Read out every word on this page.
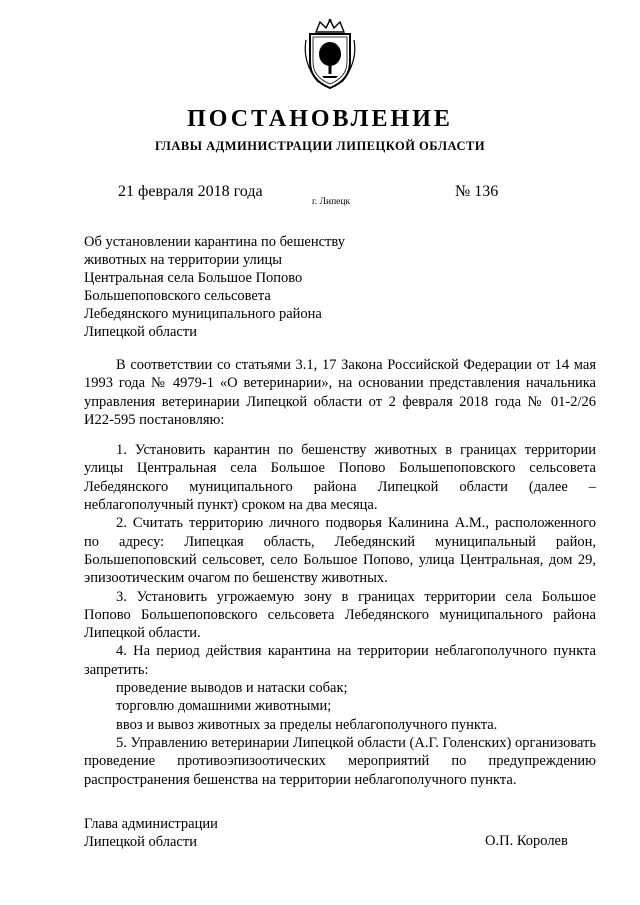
ПОСТАНОВЛЕНИЕ
ГЛАВЫ АДМИНИСТРАЦИИ ЛИПЕЦКОЙ ОБЛАСТИ
21 февраля 2018 года
г. Липецк
№ 136
Об установлении карантина по бешенству
животных на территории улицы
Центральная села Большое Попово
Большепоповского сельсовета
Лебедянского муниципального района
Липецкой области

В соответствии со статьями 3.1, 17 Закона Российской Федерации от 14 мая 1993 года № 4979-1 «О ветеринарии», на основании представления начальника управления ветеринарии Липецкой области от 2 февраля 2018 года № 01-2/26 И22-595 постановляю:

1. Установить карантин по бешенству животных в границах территории улицы Центральная села Большое Попово Большепоповского сельсовета Лебедянского муниципального района Липецкой области (далее – неблагополучный пункт) сроком на два месяца.

2. Считать территорию личного подворья Калинина А.М., расположенного по адресу: Липецкая область, Лебедянский муниципальный район, Большепоповский сельсовет, село Большое Попово, улица Центральная, дом 29, эпизоотическим очагом по бешенству животных.

3. Установить угрожаемую зону в границах территории села Большое Попово Большепоповского сельсовета Лебедянского муниципального района Липецкой области.

4. На период действия карантина на территории неблагополучного пункта запретить:

проведение выводов и натаски собак;

торговлю домашними животными;

ввоз и вывоз животных за пределы неблагополучного пункта.

5. Управлению ветеринарии Липецкой области (А.Г. Голенских) организовать проведение противоэпизоотических мероприятий по предупреждению распространения бешенства на территории неблагополучного пункта.

Глава администрации
Липецкой области	О.П. Королев
